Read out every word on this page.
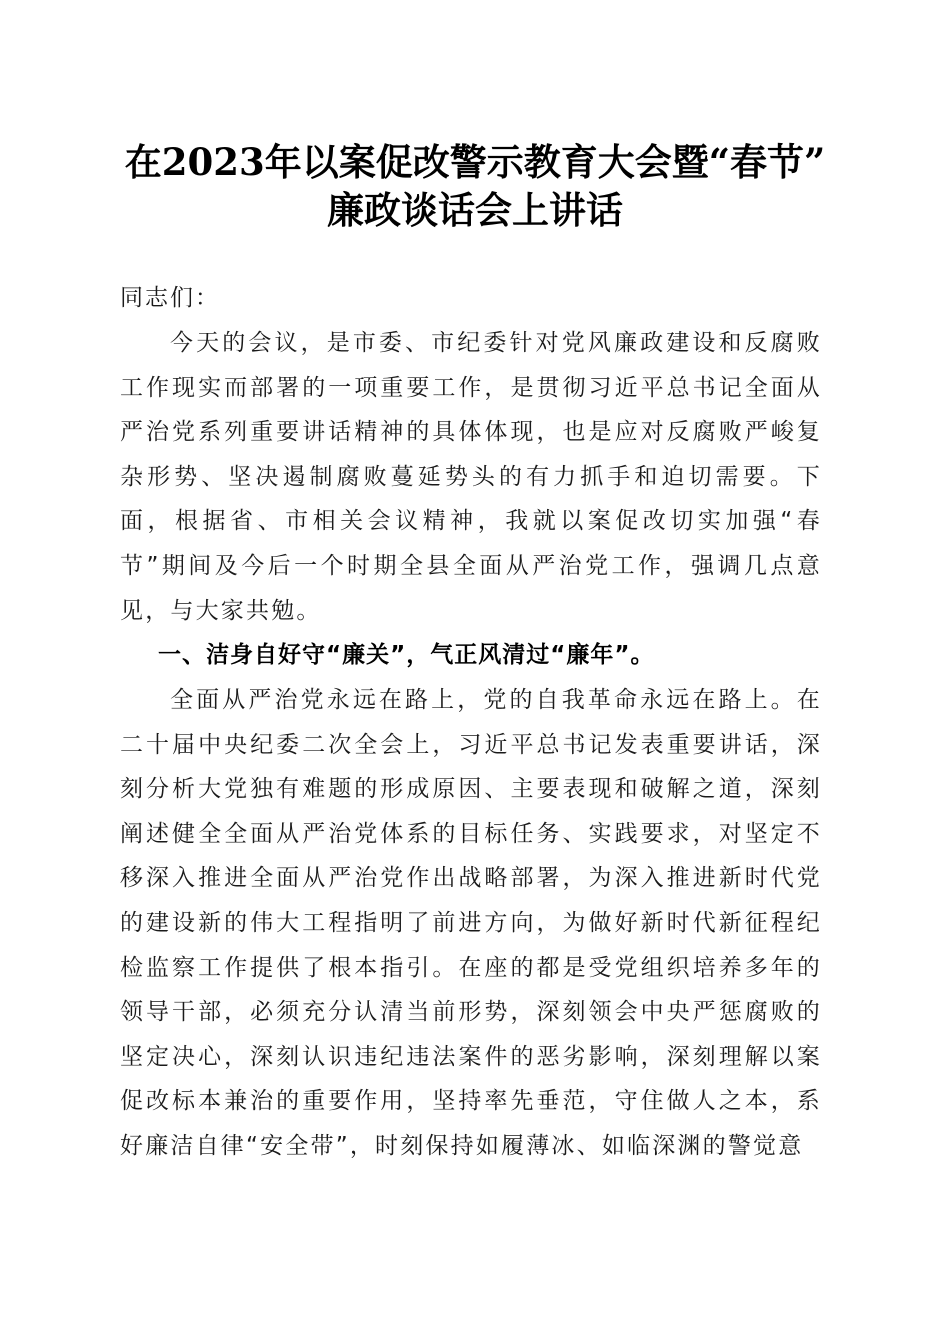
在2023年以案促改警示教育大会暨“春节”
廉政谈话会上讲话
同志们：
今天的会议，是市委、市纪委针对党风廉政建设和反腐败工作现实而部署的一项重要工作，是贯彻习近平总书记全面从严治党系列重要讲话精神的具体体现，也是应对反腐败严峻复杂形势、坚决遏制腐败蔓延势头的有力抓手和迫切需要。下面，根据省、市相关会议精神，我就以案促改切实加强“春节”期间及今后一个时期全县全面从严治党工作，强调几点意见，与大家共勉。
一、洁身自好守“廉关”，气正风清过“廉年”。
全面从严治党永远在路上，党的自我革命永远在路上。在二十届中央纪委二次全会上，习近平总书记发表重要讲话，深刻分析大党独有难题的形成原因、主要表现和破解之道，深刻阐述健全全面从严治党体系的目标任务、实践要求，对坚定不移深入推进全面从严治党作出战略部署，为深入推进新时代党的建设新的伟大工程指明了前进方向，为做好新时代新征程纪检监察工作提供了根本指引。在座的都是受党组织培养多年的领导干部，必须充分认清当前形势，深刻领会中央严惩腐败的坚定决心，深刻认识违纪违法案件的恶劣影响，深刻理解以案促改标本兼治的重要作用，坚持率先垂范，守住做人之本，系好廉洁自律“安全带”，时刻保持如履薄冰、如临深渊的警觉意
